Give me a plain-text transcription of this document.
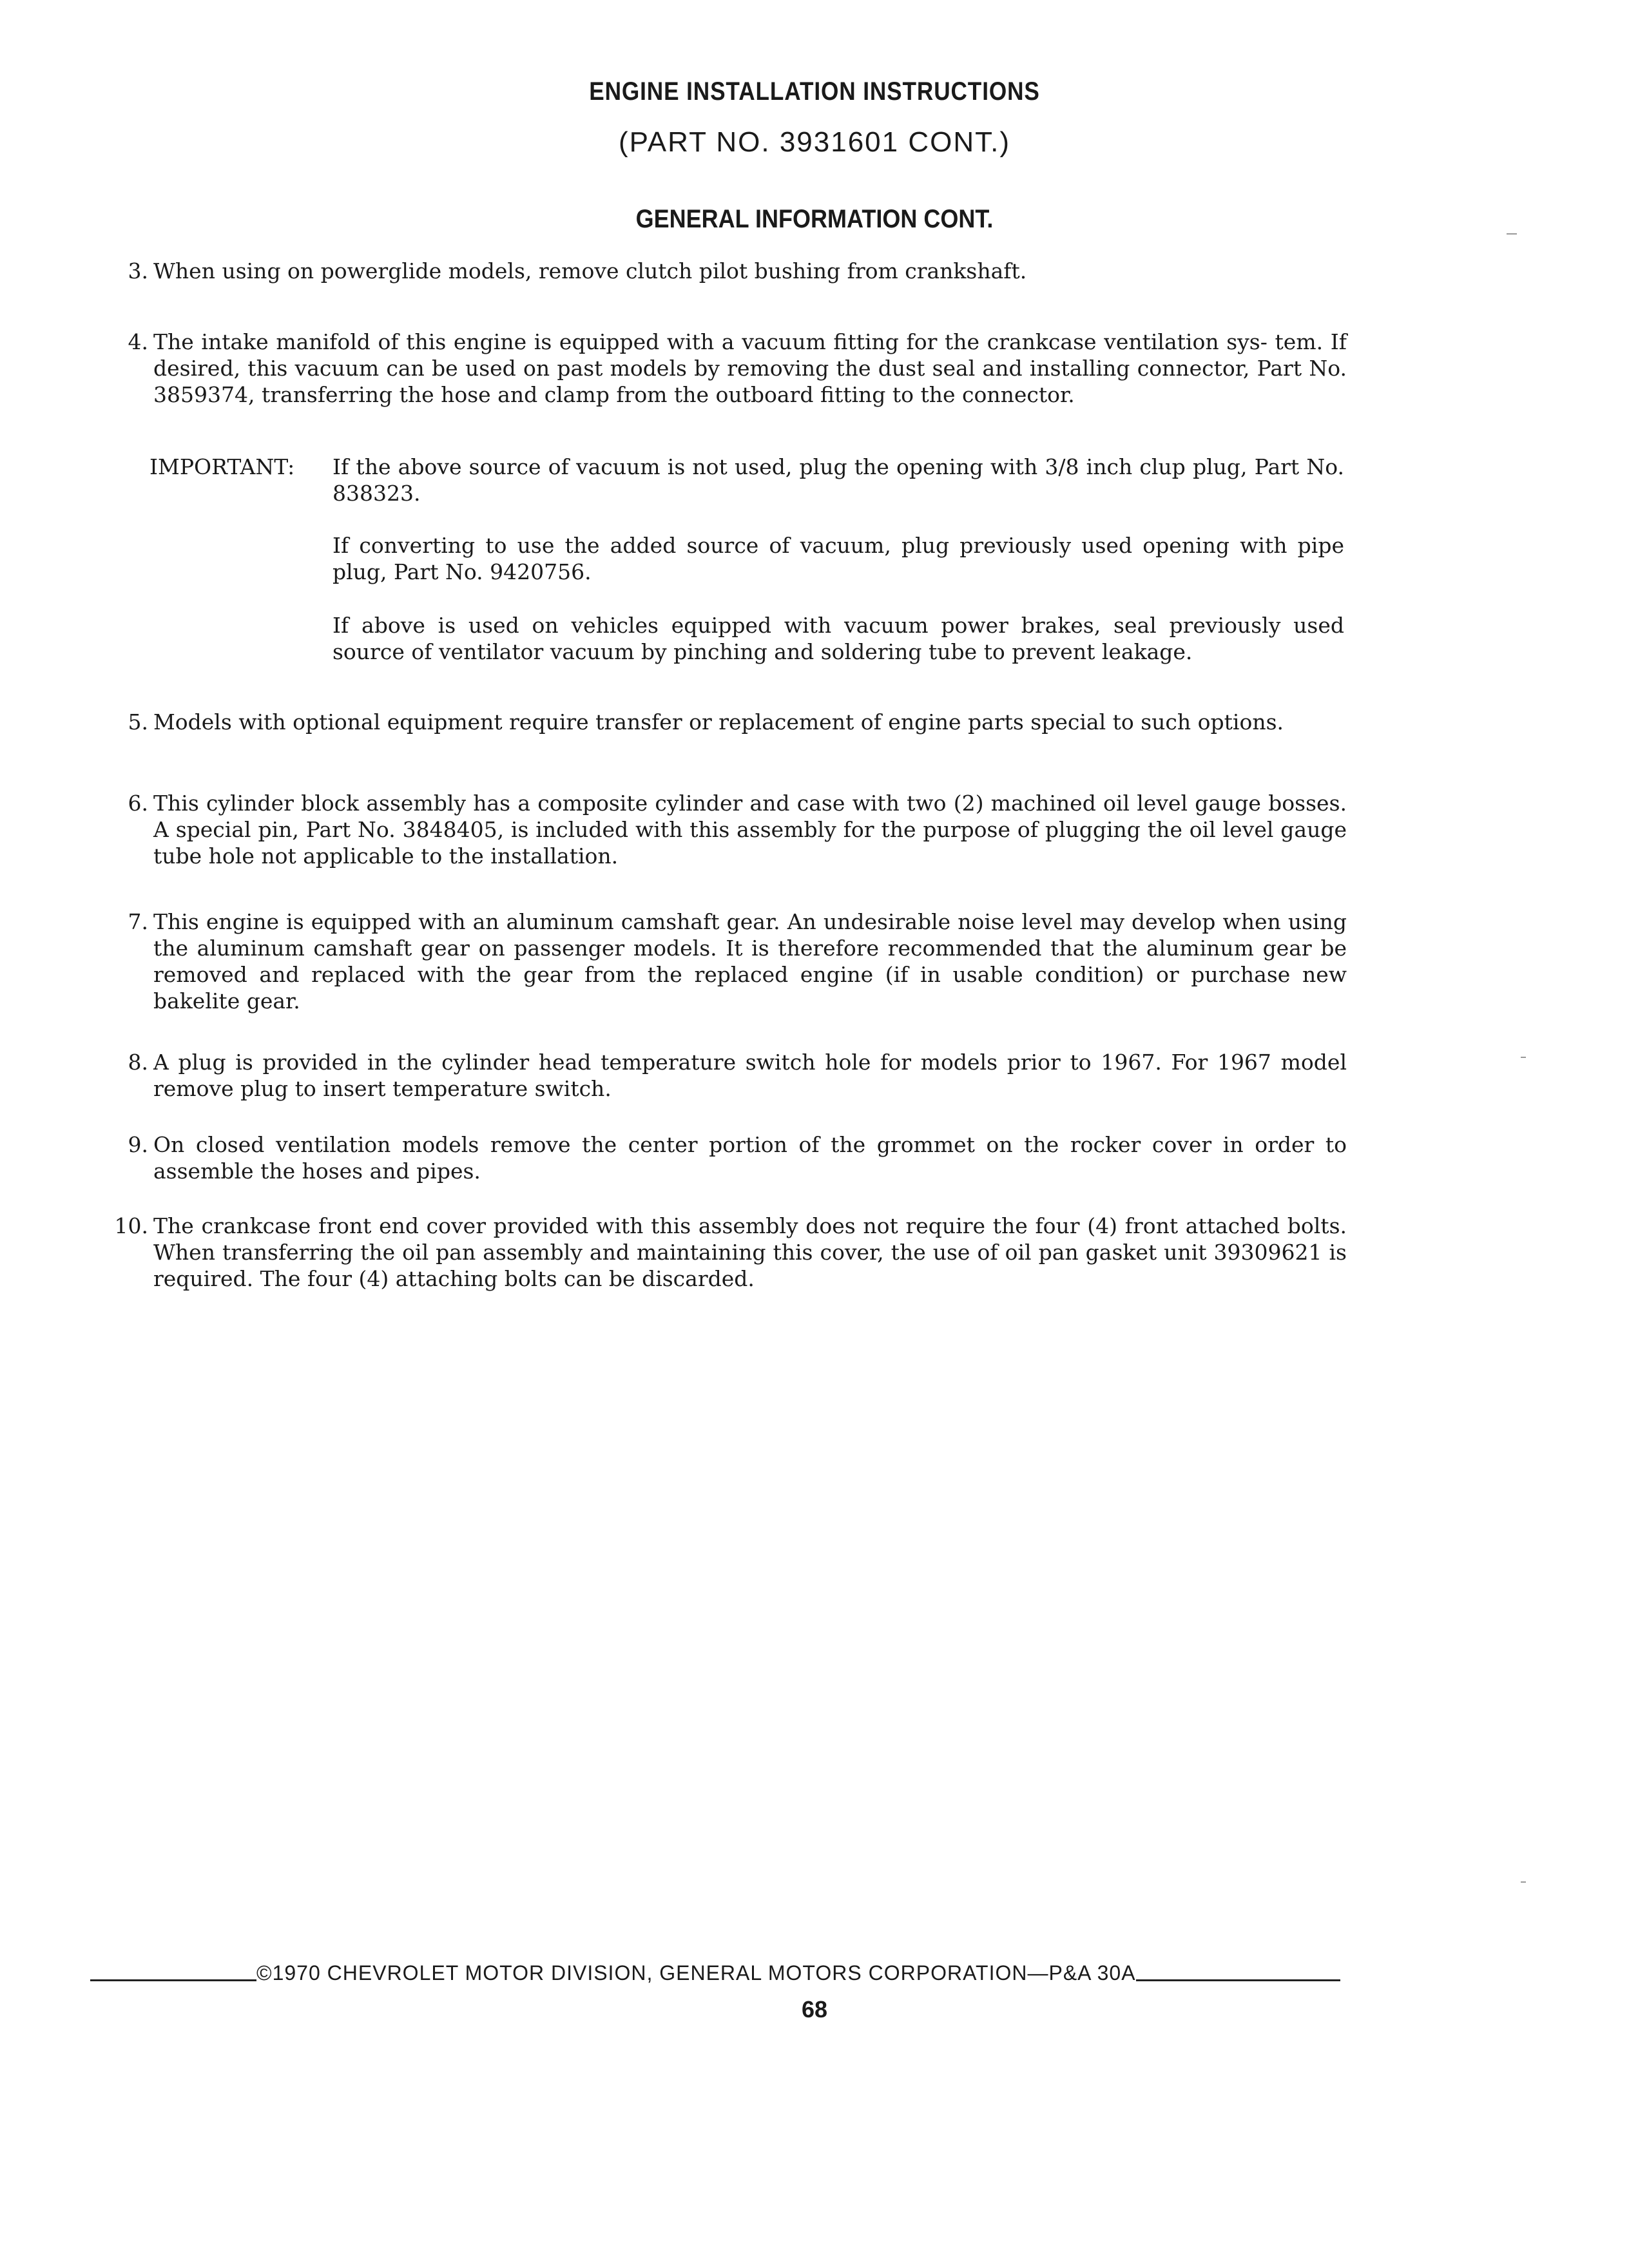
ENGINE INSTALLATION INSTRUCTIONS
(PART NO. 3931601 CONT.)
GENERAL INFORMATION CONT.
3. When using on powerglide models, remove clutch pilot bushing from crankshaft.
4. The intake manifold of this engine is equipped with a vacuum fitting for the crankcase ventilation sys- tem. If desired, this vacuum can be used on past models by removing the dust seal and installing connector, Part No. 3859374, transferring the hose and clamp from the outboard fitting to the connector.
IMPORTANT: If the above source of vacuum is not used, plug the opening with 3/8 inch clup plug, Part No. 838323.
If converting to use the added source of vacuum, plug previously used opening with pipe plug, Part No. 9420756.
If above is used on vehicles equipped with vacuum power brakes, seal previously used source of ventilator vacuum by pinching and soldering tube to prevent leakage.
5. Models with optional equipment require transfer or replacement of engine parts special to such options.
6. This cylinder block assembly has a composite cylinder and case with two (2) machined oil level gauge bosses. A special pin, Part No. 3848405, is included with this assembly for the purpose of plugging the oil level gauge tube hole not applicable to the installation.
7. This engine is equipped with an aluminum camshaft gear. An undesirable noise level may develop when using the aluminum camshaft gear on passenger models. It is therefore recommended that the aluminum gear be removed and replaced with the gear from the replaced engine (if in usable condition) or purchase new bakelite gear.
8. A plug is provided in the cylinder head temperature switch hole for models prior to 1967. For 1967 model remove plug to insert temperature switch.
9. On closed ventilation models remove the center portion of the grommet on the rocker cover in order to assemble the hoses and pipes.
10. The crankcase front end cover provided with this assembly does not require the four (4) front attached bolts. When transferring the oil pan assembly and maintaining this cover, the use of oil pan gasket unit 39309621 is required. The four (4) attaching bolts can be discarded.
©1970 CHEVROLET MOTOR DIVISION, GENERAL MOTORS CORPORATION—P&A 30A
68
